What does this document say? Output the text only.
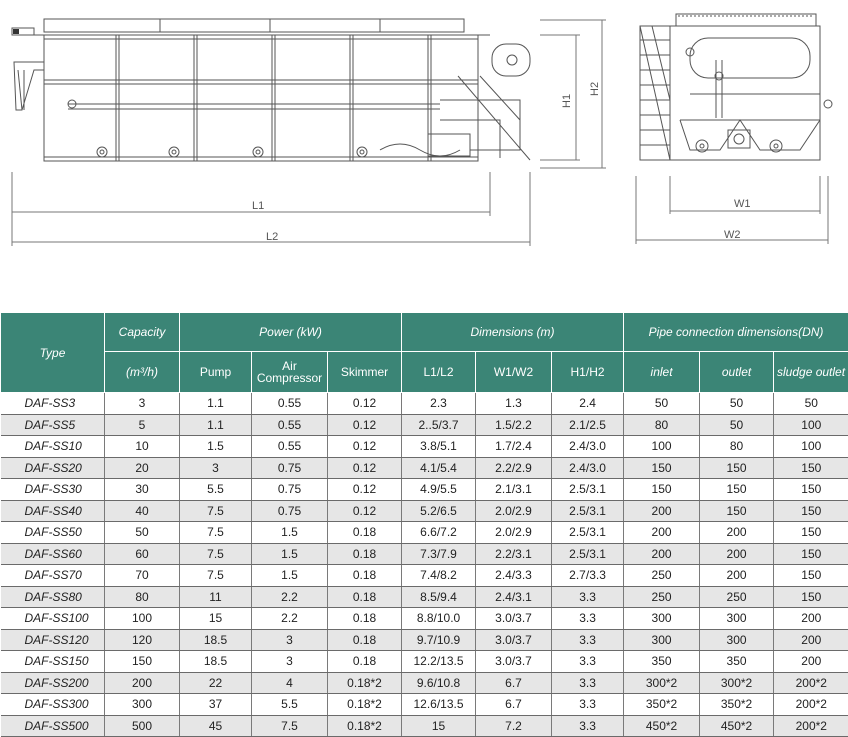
L1
L2
H1
H2
W1
W2
Type	Capacity	Power (kW)			Dimensions (m)			Pipe connection dimensions(DN)		
	(m³/h)	Pump	Air
Compressor	Skimmer	L1/L2	W1/W2	H1/H2	inlet	outlet	sludge outlet
DAF-SS3	3	1.1	0.55	0.12	2.3	1.3	2.4	50	50	50
DAF-SS5	5	1.1	0.55	0.12	2..5/3.7	1.5/2.2	2.1/2.5	80	50	100
DAF-SS10	10	1.5	0.55	0.12	3.8/5.1	1.7/2.4	2.4/3.0	100	80	100
DAF-SS20	20	3	0.75	0.12	4.1/5.4	2.2/2.9	2.4/3.0	150	150	150
DAF-SS30	30	5.5	0.75	0.12	4.9/5.5	2.1/3.1	2.5/3.1	150	150	150
DAF-SS40	40	7.5	0.75	0.12	5.2/6.5	2.0/2.9	2.5/3.1	200	150	150
DAF-SS50	50	7.5	1.5	0.18	6.6/7.2	2.0/2.9	2.5/3.1	200	200	150
DAF-SS60	60	7.5	1.5	0.18	7.3/7.9	2.2/3.1	2.5/3.1	200	200	150
DAF-SS70	70	7.5	1.5	0.18	7.4/8.2	2.4/3.3	2.7/3.3	250	200	150
DAF-SS80	80	11	2.2	0.18	8.5/9.4	2.4/3.1	3.3	250	250	150
DAF-SS100	100	15	2.2	0.18	8.8/10.0	3.0/3.7	3.3	300	300	200
DAF-SS120	120	18.5	3	0.18	9.7/10.9	3.0/3.7	3.3	300	300	200
DAF-SS150	150	18.5	3	0.18	12.2/13.5	3.0/3.7	3.3	350	350	200
DAF-SS200	200	22	4	0.18*2	9.6/10.8	6.7	3.3	300*2	300*2	200*2
DAF-SS300	300	37	5.5	0.18*2	12.6/13.5	6.7	3.3	350*2	350*2	200*2
DAF-SS500	500	45	7.5	0.18*2	15	7.2	3.3	450*2	450*2	200*2
